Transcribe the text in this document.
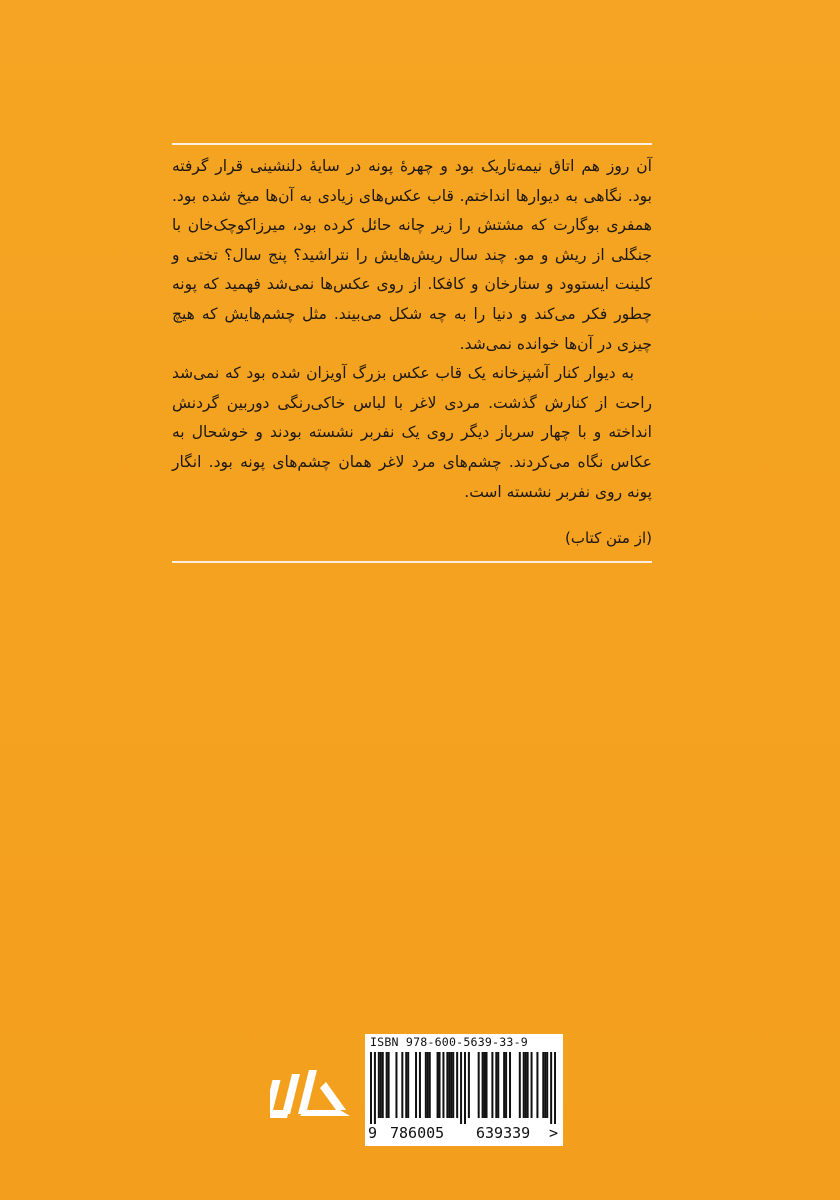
آن روز هم اتاق نیمه‌تاریک بود و چهرهٔ پونه در سایهٔ دلنشینی قرار گرفته بود. نگاهی به دیوارها انداختم. قاب عکس‌های زیادی به آن‌ها میخ شده بود. همفری بوگارت که مشتش را زیر چانه حائل کرده بود، میرزاکوچک‌خان با جنگلی از ریش و مو. چند سال ریش‌هایش را نتراشید؟ پنج سال؟ تختی و کلینت ایستوود و ستارخان و کافکا. از روی عکس‌ها نمی‌شد فهمید که پونه چطور فکر می‌کند و دنیا را به چه شکل می‌بیند. مثل چشم‌هایش که هیچ چیزی در آن‌ها خوانده نمی‌شد.

به دیوار کنار آشپزخانه یک قاب عکس بزرگ آویزان شده بود که نمی‌شد راحت از کنارش گذشت. مردی لاغر با لباس خاکی‌رنگی دوربین گردنش انداخته و با چهار سرباز دیگر روی یک نفربر نشسته بودند و خوشحال به عکاس نگاه می‌کردند. چشم‌های مرد لاغر همان چشم‌های پونه بود. انگار پونه روی نفربر نشسته است.

(از متن کتاب)
ISBN 978-600-5639-33-9
9 786005 639339 >
